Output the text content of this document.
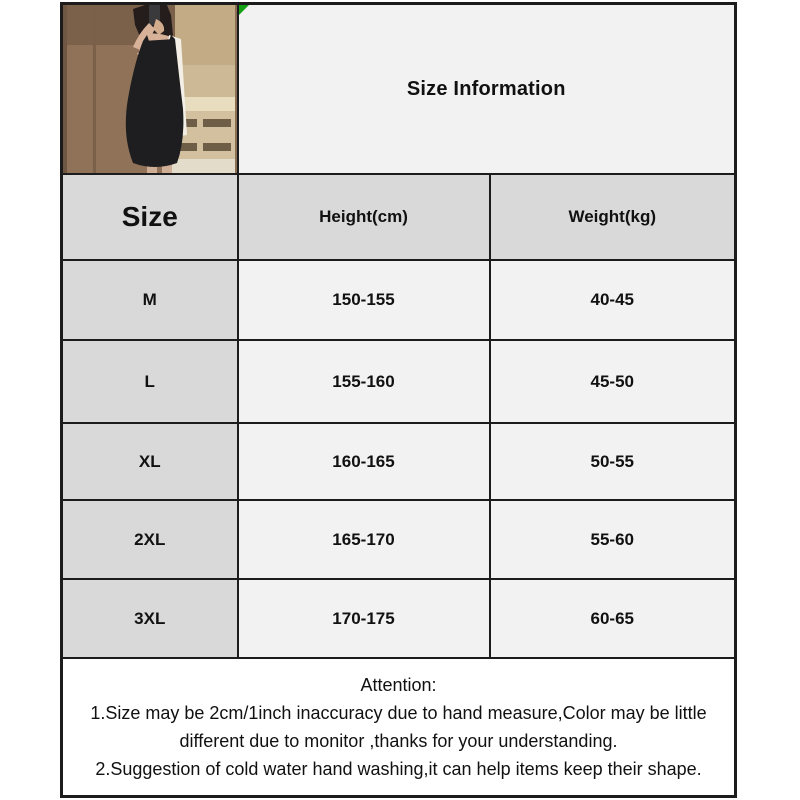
Size Information	
Size	Height(cm)	Weight(kg)
M	150-155	40-45
L	155-160	45-50
XL	160-165	50-55
2XL	165-170	55-60
3XL	170-175	60-65

Attention:
1.Size may be 2cm/1inch inaccuracy due to hand measure,Color may be little different due to monitor ,thanks for your understanding.
2.Suggestion of cold water hand washing,it can help items keep their shape.		
